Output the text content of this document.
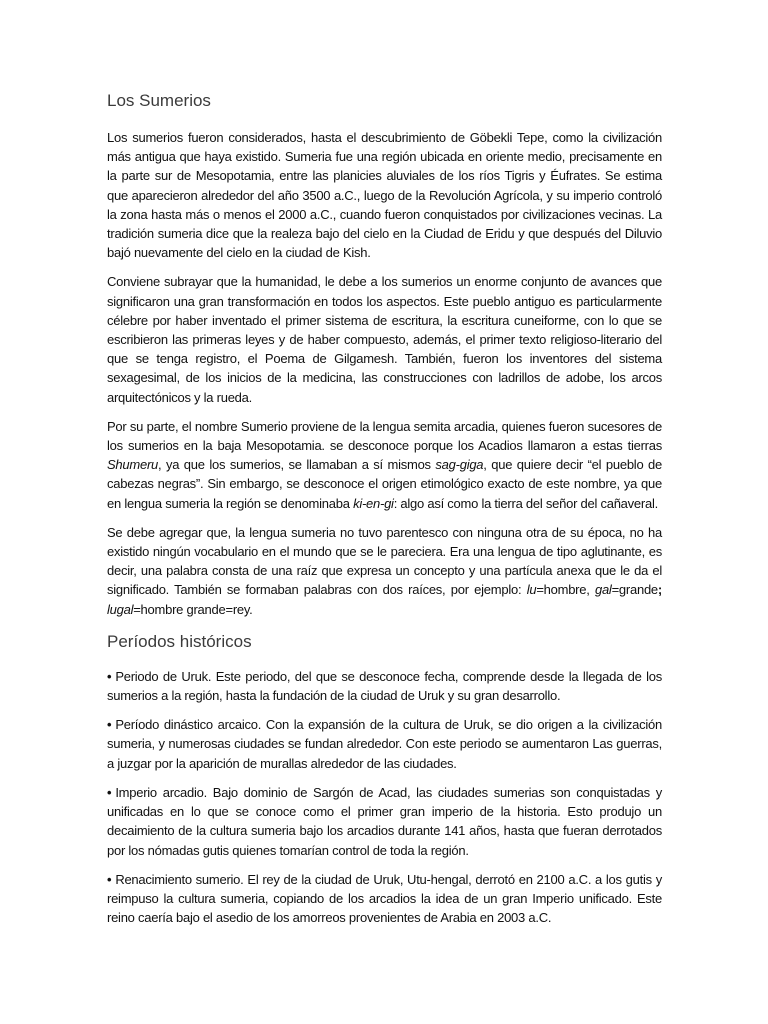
Los Sumerios

Los sumerios fueron considerados, hasta el descubrimiento de Göbekli Tepe, como la civilización más antigua que haya existido. Sumeria fue una región ubicada en oriente medio, precisamente en la parte sur de Mesopotamia, entre las planicies aluviales de los ríos Tigris y Éufrates. Se estima que aparecieron alrededor del año 3500 a.C., luego de la Revolución Agrícola, y su imperio controló la zona hasta más o menos el 2000 a.C., cuando fueron conquistados por civilizaciones vecinas. La tradición sumeria dice que la realeza bajo del cielo en la Ciudad de Eridu y que después del Diluvio bajó nuevamente del cielo en la ciudad de Kish.

Conviene subrayar que la humanidad, le debe a los sumerios un enorme conjunto de avances que significaron una gran transformación en todos los aspectos. Este pueblo antiguo es particularmente célebre por haber inventado el primer sistema de escritura, la escritura cuneiforme, con lo que se escribieron las primeras leyes y de haber compuesto, además, el primer texto religioso-literario del que se tenga registro, el Poema de Gilgamesh. También, fueron los inventores del sistema sexagesimal, de los inicios de la medicina, las construcciones con ladrillos de adobe, los arcos arquitectónicos y la rueda.

Por su parte, el nombre Sumerio proviene de la lengua semita arcadia, quienes fueron sucesores de los sumerios en la baja Mesopotamia. se desconoce porque los Acadios llamaron a estas tierras Shumeru, ya que los sumerios, se llamaban a sí mismos sag-giga, que quiere decir “el pueblo de cabezas negras”. Sin embargo, se desconoce el origen etimológico exacto de este nombre, ya que en lengua sumeria la región se denominaba ki-en-gi: algo así como la tierra del señor del cañaveral.

Se debe agregar que, la lengua sumeria no tuvo parentesco con ninguna otra de su época, no ha existido ningún vocabulario en el mundo que se le pareciera. Era una lengua de tipo aglutinante, es decir, una palabra consta de una raíz que expresa un concepto y una partícula anexa que le da el significado. También se formaban palabras con dos raíces, por ejemplo: lu=hombre, gal=grande; lugal=hombre grande=rey.

Períodos históricos

• Periodo de Uruk. Este periodo, del que se desconoce fecha, comprende desde la llegada de los sumerios a la región, hasta la fundación de la ciudad de Uruk y su gran desarrollo.

• Período dinástico arcaico. Con la expansión de la cultura de Uruk, se dio origen a la civilización sumeria, y numerosas ciudades se fundan alrededor. Con este periodo se aumentaron Las guerras, a juzgar por la aparición de murallas alrededor de las ciudades.

• Imperio arcadio. Bajo dominio de Sargón de Acad, las ciudades sumerias son conquistadas y unificadas en lo que se conoce como el primer gran imperio de la historia. Esto produjo un decaimiento de la cultura sumeria bajo los arcadios durante 141 años, hasta que fueran derrotados por los nómadas gutis quienes tomarían control de toda la región.

• Renacimiento sumerio. El rey de la ciudad de Uruk, Utu-hengal, derrotó en 2100 a.C. a los gutis y reimpuso la cultura sumeria, copiando de los arcadios la idea de un gran Imperio unificado. Este reino caería bajo el asedio de los amorreos provenientes de Arabia en 2003 a.C.
